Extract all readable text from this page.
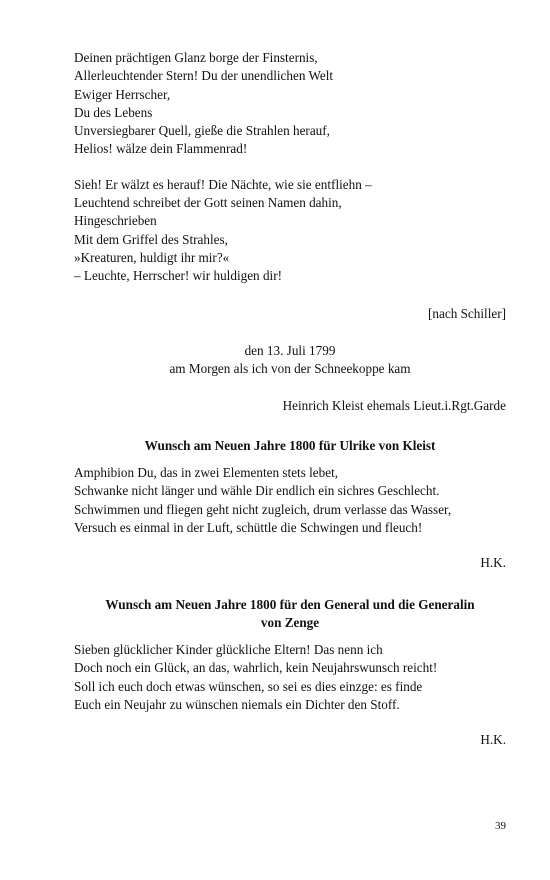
Deinen prächtigen Glanz borge der Finsternis,
Allerleuchtender Stern! Du der unendlichen Welt
Ewiger Herrscher,
Du des Lebens
Unversiegbarer Quell, gieße die Strahlen herauf,
Helios! wälze dein Flammenrad!
Sieh! Er wälzt es herauf! Die Nächte, wie sie entfliehn –
Leuchtend schreibet der Gott seinen Namen dahin,
Hingeschrieben
Mit dem Griffel des Strahles,
»Kreaturen, huldigt ihr mir?«
– Leuchte, Herrscher! wir huldigen dir!
[nach Schiller]
den 13. Juli 1799
am Morgen als ich von der Schneekoppe kam
Heinrich Kleist ehemals Lieut.i.Rgt.Garde
Wunsch am Neuen Jahre 1800 für Ulrike von Kleist
Amphibion Du, das in zwei Elementen stets lebet,
Schwanke nicht länger und wähle Dir endlich ein sichres Geschlecht.
Schwimmen und fliegen geht nicht zugleich, drum verlasse das Wasser,
Versuch es einmal in der Luft, schüttle die Schwingen und fleuch!
H.K.
Wunsch am Neuen Jahre 1800 für den General und die Generalin
von Zenge
Sieben glücklicher Kinder glückliche Eltern! Das nenn ich
Doch noch ein Glück, an das, wahrlich, kein Neujahrswunsch reicht!
Soll ich euch doch etwas wünschen, so sei es dies einzge: es finde
Euch ein Neujahr zu wünschen niemals ein Dichter den Stoff.
H.K.
39
